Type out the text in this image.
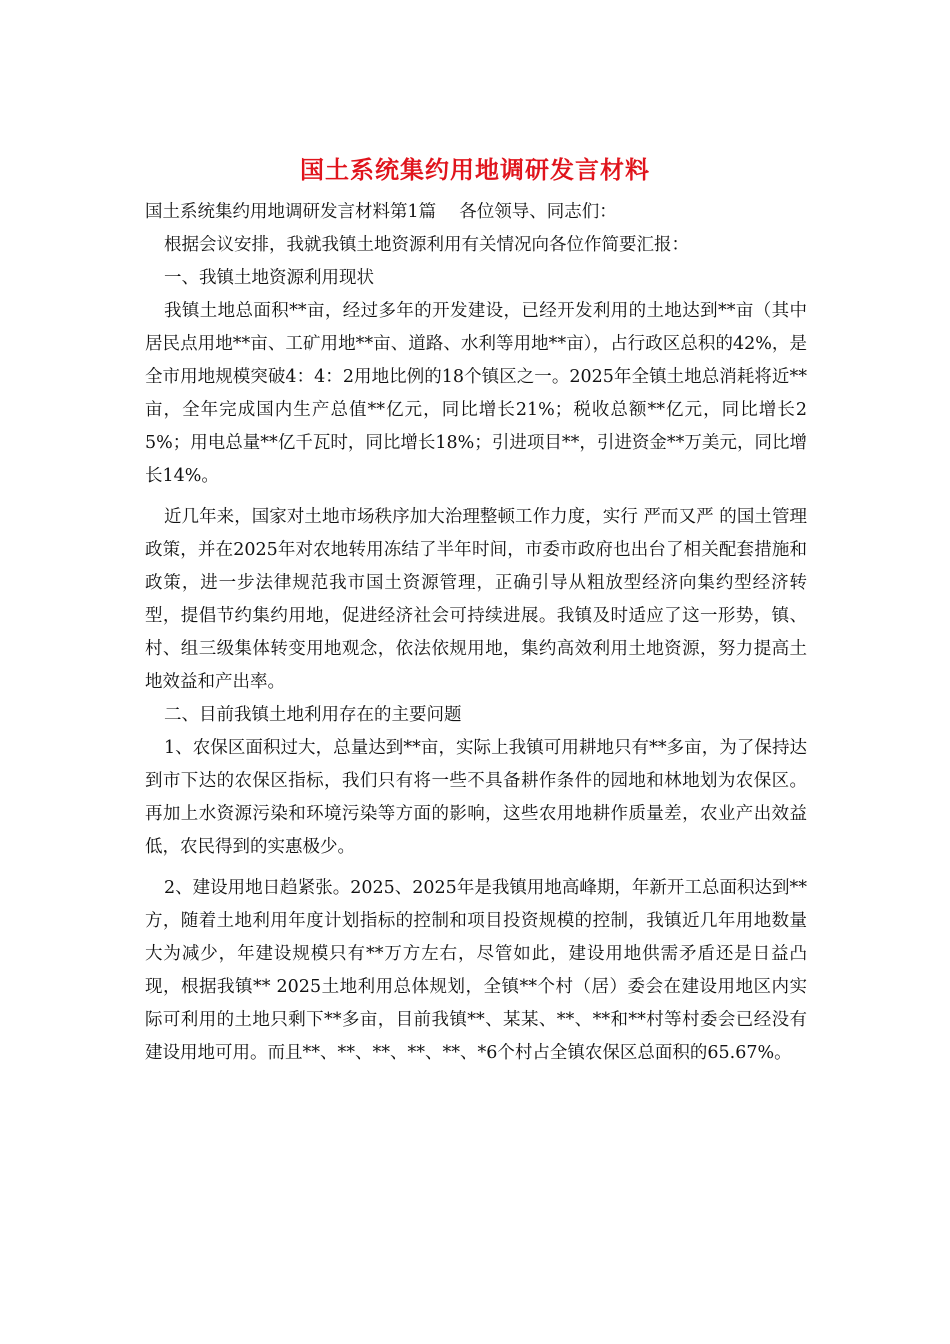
国土系统集约用地调研发言材料

国土系统集约用地调研发言材料第1篇　 各位领导、同志们：

根据会议安排，我就我镇土地资源利用有关情况向各位作简要汇报：

一、我镇土地资源利用现状

我镇土地总面积**亩，经过多年的开发建设，已经开发利用的土地达到**亩（其中居民点用地**亩、工矿用地**亩、道路、水利等用地**亩），占行政区总积的42%，是全市用地规模突破4：4：2用地比例的18个镇区之一。2025年全镇土地总消耗将近**亩，全年完成国内生产总值**亿元，同比增长21%；税收总额**亿元，同比增长25%；用电总量**亿千瓦时，同比增长18%；引进项目**，引进资金**万美元，同比增长14%。

近几年来，国家对土地市场秩序加大治理整顿工作力度，实行 严而又严 的国土管理政策，并在2025年对农地转用冻结了半年时间，市委市政府也出台了相关配套措施和政策，进一步法律规范我市国土资源管理，正确引导从粗放型经济向集约型经济转型，提倡节约集约用地，促进经济社会可持续进展。我镇及时适应了这一形势，镇、村、组三级集体转变用地观念，依法依规用地，集约高效利用土地资源，努力提高土地效益和产出率。

二、目前我镇土地利用存在的主要问题

1、农保区面积过大，总量达到**亩，实际上我镇可用耕地只有**多亩，为了保持达到市下达的农保区指标，我们只有将一些不具备耕作条件的园地和林地划为农保区。再加上水资源污染和环境污染等方面的影响，这些农用地耕作质量差，农业产出效益低，农民得到的实惠极少。

2、建设用地日趋紧张。2025、2025年是我镇用地高峰期，年新开工总面积达到**方，随着土地利用年度计划指标的控制和项目投资规模的控制，我镇近几年用地数量大为减少，年建设规模只有**万方左右，尽管如此，建设用地供需矛盾还是日益凸现，根据我镇** 2025土地利用总体规划，全镇**个村（居）委会在建设用地区内实际可利用的土地只剩下**多亩，目前我镇**、某某、**、**和**村等村委会已经没有建设用地可用。而且**、**、**、**、**、*6个村占全镇农保区总面积的65.67%。
